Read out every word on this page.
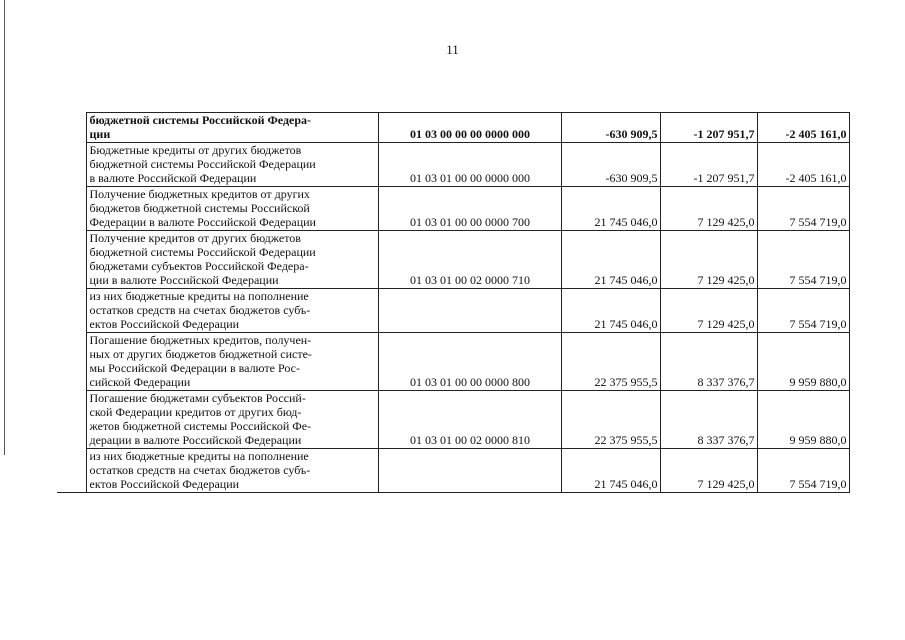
11
	бюджетной системы Российской Федера-
ции	01 03 00 00 00 0000 000	-630 909,5	-1 207 951,7	-2 405 161,0
	Бюджетные кредиты от других бюджетов
бюджетной системы Российской Федерации
в валюте Российской Федерации	01 03 01 00 00 0000 000	-630 909,5	-1 207 951,7	-2 405 161,0
	Получение бюджетных кредитов от других
бюджетов бюджетной системы Российской
Федерации в валюте Российской Федерации	01 03 01 00 00 0000 700	21 745 046,0	7 129 425,0	7 554 719,0
	Получение кредитов от других бюджетов
бюджетной системы Российской Федерации
бюджетами субъектов Российской Федера-
ции в валюте Российской Федерации	01 03 01 00 02 0000 710	21 745 046,0	7 129 425,0	7 554 719,0
	из них бюджетные кредиты на пополнение
остатков средств на счетах бюджетов субъ-
ектов Российской Федерации		21 745 046,0	7 129 425,0	7 554 719,0
	Погашение бюджетных кредитов, получен-
ных от других бюджетов бюджетной систе-
мы Российской Федерации в валюте Рос-
сийской Федерации	01 03 01 00 00 0000 800	22 375 955,5	8 337 376,7	9 959 880,0
	Погашение бюджетами субъектов Россий-
ской Федерации кредитов от других бюд-
жетов бюджетной системы Российской Фе-
дерации в валюте Российской Федерации	01 03 01 00 02 0000 810	22 375 955,5	8 337 376,7	9 959 880,0
	из них бюджетные кредиты на пополнение
остатков средств на счетах бюджетов субъ-
ектов Российской Федерации		21 745 046,0	7 129 425,0	7 554 719,0
